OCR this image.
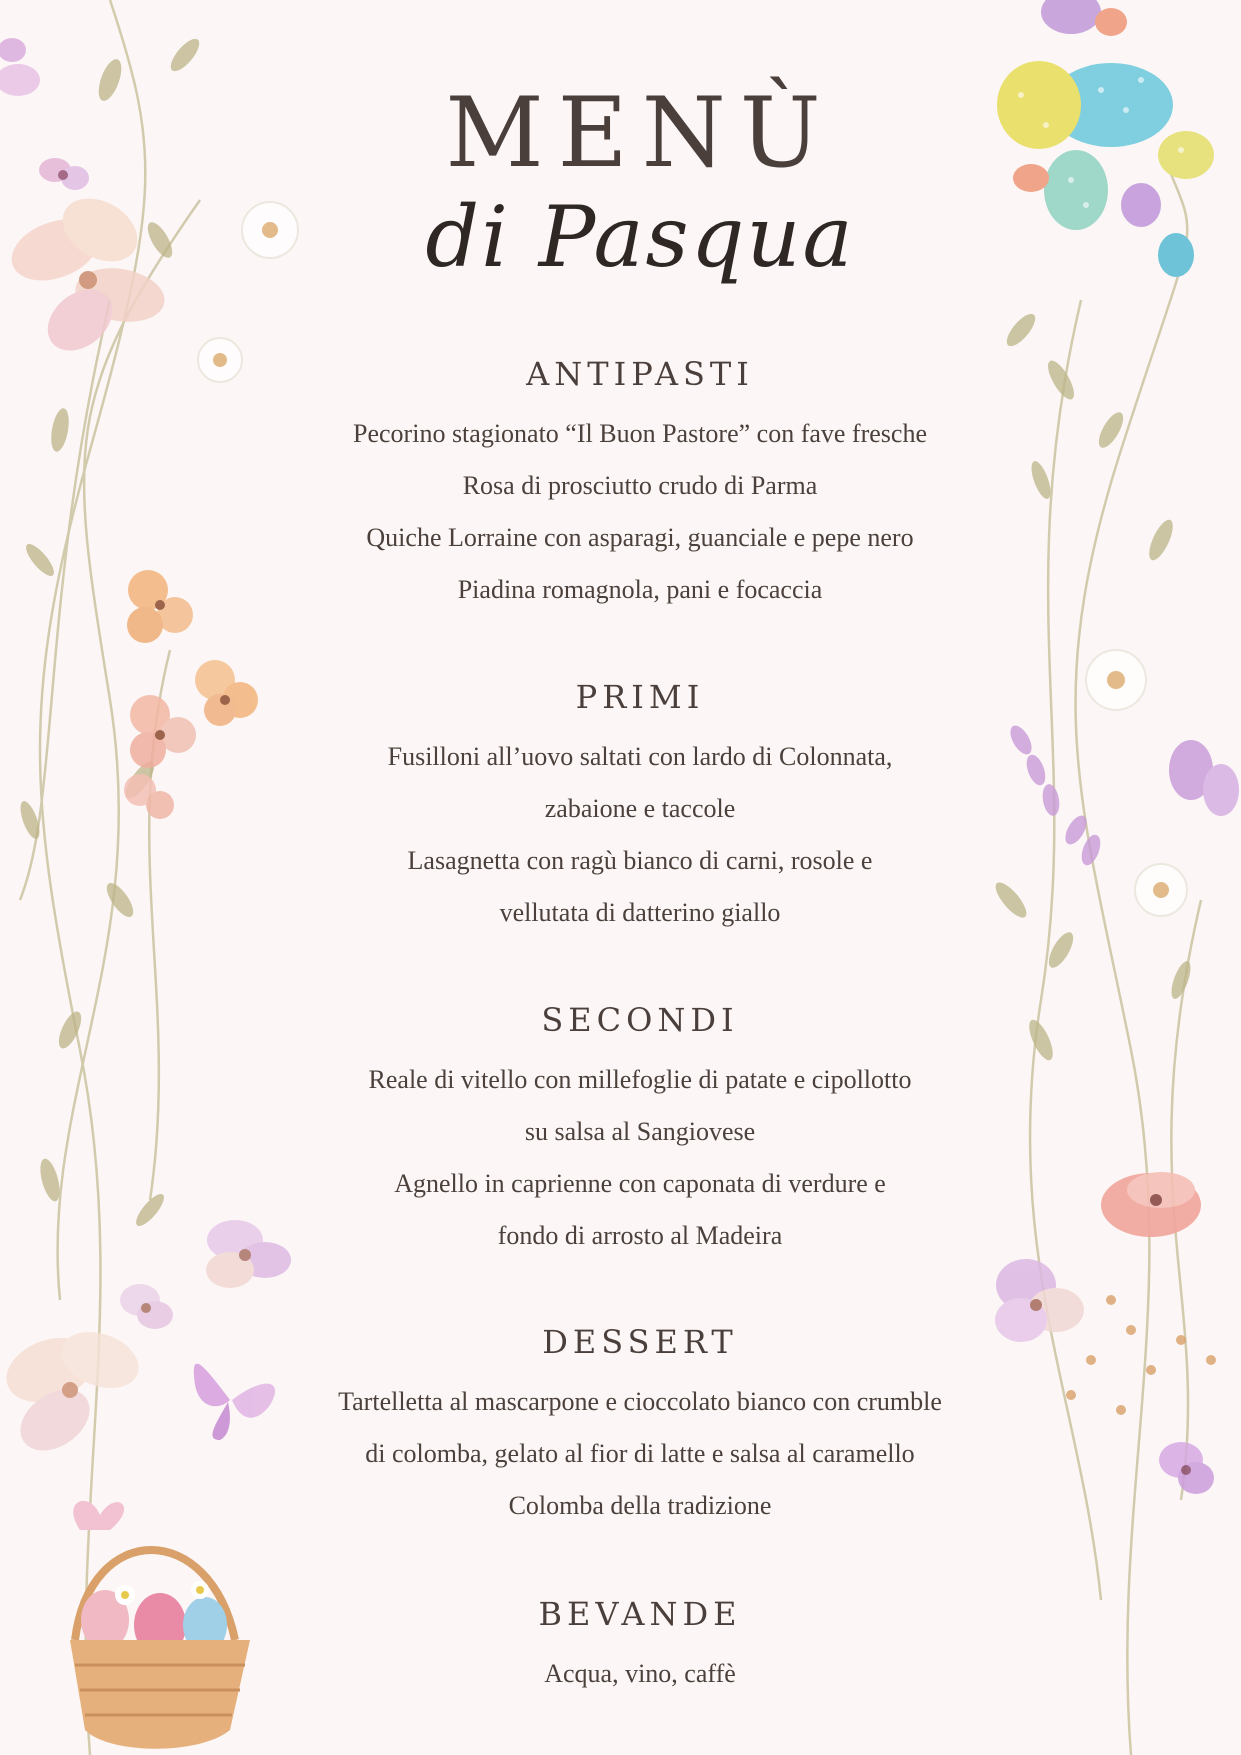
MENÙ
di Pasqua
ANTIPASTI
Pecorino stagionato “Il Buon Pastore” con fave fresche
Rosa di prosciutto crudo di Parma
Quiche Lorraine con asparagi, guanciale e pepe nero
Piadina romagnola, pani e focaccia
PRIMI
Fusilloni all’uovo saltati con lardo di Colonnata,
zabaione e taccole
Lasagnetta con ragù bianco di carni, rosole e
vellutata di datterino giallo
SECONDI
Reale di vitello con millefoglie di patate e cipollotto
su salsa al Sangiovese
Agnello in caprienne con caponata di verdure e
fondo di arrosto al Madeira
DESSERT
Tartelletta al mascarpone e cioccolato bianco con crumble
di colomba, gelato al fior di latte e salsa al caramello
Colomba della tradizione
BEVANDE
Acqua, vino, caffè
